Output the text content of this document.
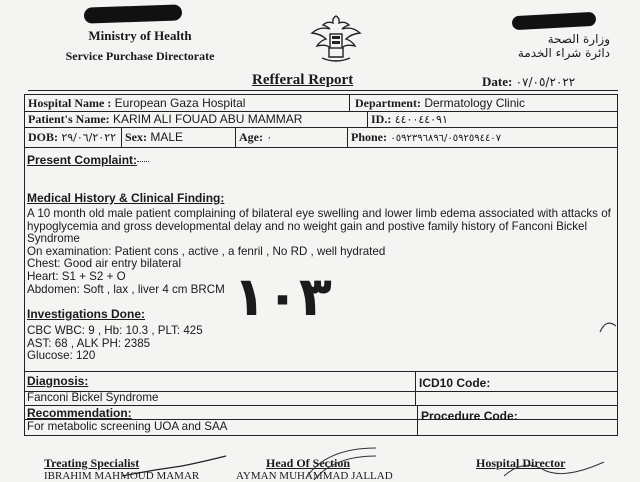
Ministry of Health
Service Purchase Directorate
وزارة الصحة
دائرة شراء الخدمة
Refferal Report	Date: ٠٧/٠٥/٢٠٢٢
Hospital Name : European Gaza Hospital	Department: Dermatology Clinic
Patient's Name: KARIM ALI FOUAD ABU MAMMAR	ID.: ٤٤٠٠٤٤٠٩١
DOB: ٢٩/٠٦/٢٠٢٢ Sex: MALE	Age: ٠	Phone: ٠٥٩٢٣٩٦٨٩٦/٠٥٩٢٥٩٤٤٠٧
Present Complaint:
Medical History & Clinical Finding:
A 10 month old male patient complaining of bilateral eye swelling and lower limb edema associated with attacks of
hypoglycemia and gross developmental delay and no weight gain and postive family history of Fanconi Bickel
Syndrome
On examination: Patient cons , active , a fenril , No RD , well hydrated
Chest: Good air entry bilateral
Heart: S1 + S2 + O
Abdomen: Soft , lax , liver 4 cm BRCM
Investigations Done:
CBC WBC: 9 , Hb: 10.3 , PLT: 425
AST: 68 , ALK PH: 2385
Glucose: 120
١٠٣
Diagnosis:
Fanconi Bickel Syndrome
ICD10 Code:
Recommendation:
For metabolic screening UOA and SAA
Procedure Code:
Treating Specialist
IBRAHIM MAHMOUD MAMAR
Head Of Section
AYMAN MUHAMMAD JALLAD
Hospital Director
